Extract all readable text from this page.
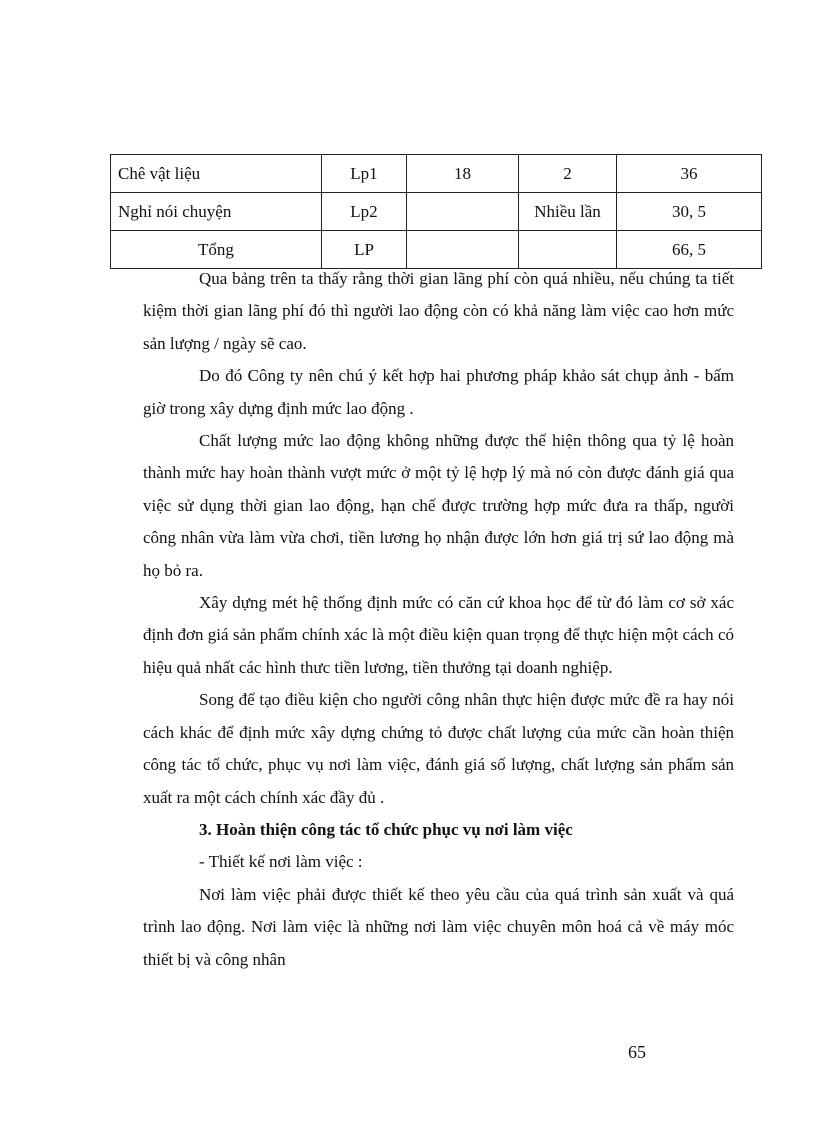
Chê vật liệu	Lp1	18	2	36
Nghỉ nói chuyện	Lp2		Nhiều lần	30, 5
Tổng	LP			66, 5

Qua bảng trên ta thấy rằng thời gian lãng phí còn quá nhiều, nếu chúng ta tiết kiệm thời gian lãng phí đó thì người lao động còn có khả năng làm việc cao hơn mức sản lượng / ngày sẽ cao.

Do đó Công ty nên chú ý kết hợp hai phương pháp khảo sát chụp ảnh - bấm giờ trong xây dựng định mức lao động .

Chất lượng mức lao động không những được thể hiện thông qua tỷ lệ hoàn thành mức hay hoàn thành vượt mức ở một tỷ lệ hợp lý mà nó còn được đánh giá qua việc sử dụng thời gian lao động, hạn chế được trường hợp mức đưa ra thấp, người công nhân vừa làm vừa chơi, tiền lương họ nhận được lớn hơn giá trị sứ lao động mà họ bỏ ra.

Xây dựng mét hệ thống định mức có căn cứ khoa học để từ đó làm cơ sở xác định đơn giá sản phẩm chính xác là một điều kiện quan trọng để thực hiện một cách có hiệu quả nhất các hình thưc tiền lương, tiền thưởng tại doanh nghiệp.

Song để tạo điều kiện cho người công nhân thực hiện được mức đề ra hay nói cách khác để định mức xây dựng chứng tỏ được chất lượng của mức cần hoàn thiện công tác tổ chức, phục vụ nơi làm việc, đánh giá số lượng, chất lượng sản phẩm sản xuất ra một cách chính xác đầy đủ .

3. Hoàn thiện công tác tổ chức phục vụ nơi làm việc

- Thiết kế nơi làm việc :

Nơi làm việc phải được thiết kế theo yêu cầu của quá trình sản xuất và quá trình lao động. Nơi làm việc là những nơi làm việc chuyên môn hoá cả về máy móc thiết bị và công nhân

65
